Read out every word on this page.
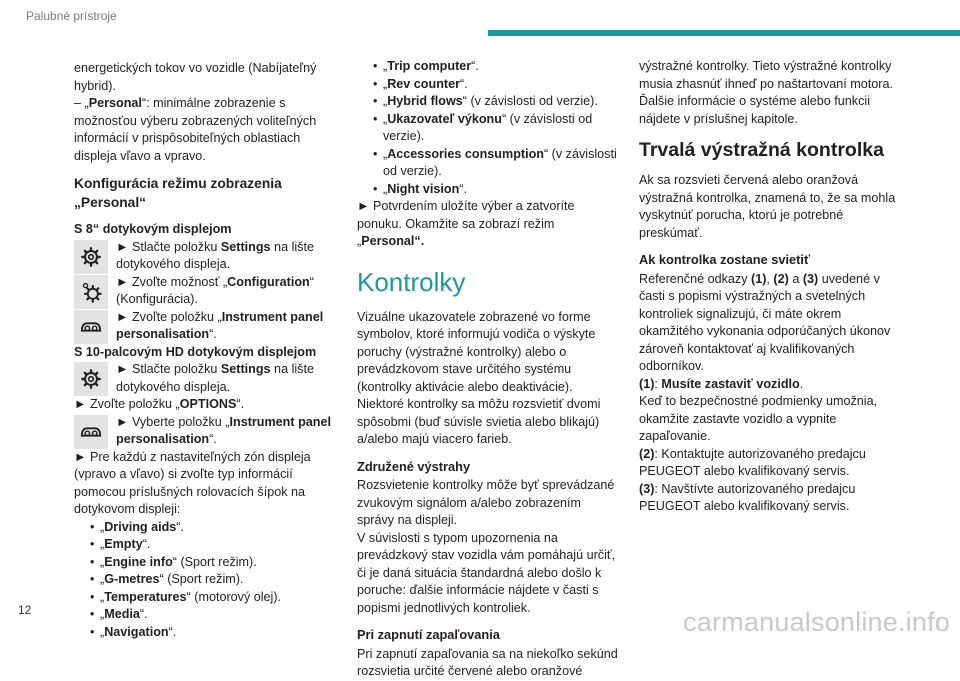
Palubné prístroje

energetických tokov vo vozidle (Nabíjateľný hybrid).

– „Personal“: minimálne zobrazenie s možnosťou výberu zobrazených voliteľných informácií v prispôsobiteľných oblastiach displeja vľavo a vpravo.

Konfigurácia režimu zobrazenia „Personal“
S 8“ dotykovým displejom

► Stlačte položku Settings na lište dotykového displeja.

► Zvoľte možnosť „Configuration“ (Konfigurácia).

► Zvoľte položku „Instrument panel personalisation“.

S 10-palcovým HD dotykovým displejom

► Stlačte položku Settings na lište dotykového displeja.

► Zvoľte položku „OPTIONS“.

► Vyberte položku „Instrument panel personalisation“.

► Pre každú z nastaviteľných zón displeja (vpravo a vľavo) si zvoľte typ informácií pomocou príslušných rolovacích šípok na dotykovom displeji:

• „Driving aids“.

• „Empty“.

• „Engine info“ (Sport režim).

• „G-metres“ (Sport režim).

• „Temperatures“ (motorový olej).

• „Media“.

• „Navigation“.

• „Trip computer“.

• „Rev counter“.

• „Hybrid flows“ (v závislosti od verzie).

• „Ukazovateľ výkonu“ (v závislosti od verzie).

• „Accessories consumption“ (v závislosti od verzie).

• „Night vision“.

► Potvrdením uložíte výber a zatvoríte ponuku. Okamžite sa zobrazí režim „Personal“.

Kontrolky

Vizuálne ukazovatele zobrazené vo forme symbolov, ktoré informujú vodiča o výskyte poruchy (výstražné kontrolky) alebo o prevádzkovom stave určitého systému (kontrolky aktivácie alebo deaktivácie). Niektoré kontrolky sa môžu rozsvietiť dvomi spôsobmi (buď súvisle svietia alebo blikajú) a/alebo majú viacero farieb.

Združené výstrahy

Rozsvietenie kontrolky môže byť sprevádzané zvukovým signálom a/alebo zobrazením správy na displeji.

V súvislosti s typom upozornenia na prevádzkový stav vozidla vám pomáhajú určiť, či je daná situácia štandardná alebo došlo k poruche: ďalšie informácie nájdete v časti s popismi jednotlivých kontroliek.

Pri zapnutí zapaľovania

Pri zapnutí zapaľovania sa na niekoľko sekúnd rozsvietia určité červené alebo oranžové

výstražné kontrolky. Tieto výstražné kontrolky musia zhasnúť ihneď po naštartovaní motora. Ďalšie informácie o systéme alebo funkcii nájdete v príslušnej kapitole.

Trvalá výstražná kontrolka

Ak sa rozsvieti červená alebo oranžová výstražná kontrolka, znamená to, že sa mohla vyskytnúť porucha, ktorú je potrebné preskúmať.

Ak kontrolka zostane svietiť

Referenčné odkazy (1), (2) a (3) uvedené v časti s popismi výstražných a svetelných kontroliek signalizujú, či máte okrem okamžitého vykonania odporúčaných úkonov zároveň kontaktovať aj kvalifikovaných odborníkov.

(1): Musíte zastaviť vozidlo.

Keď to bezpečnostné podmienky umožnia, okamžite zastavte vozidlo a vypnite zapaľovanie.

(2): Kontaktujte autorizovaného predajcu PEUGEOT alebo kvalifikovaný servis.

(3): Navštívte autorizovaného predajcu PEUGEOT alebo kvalifikovaný servis.

12	carmanualsonline.info
